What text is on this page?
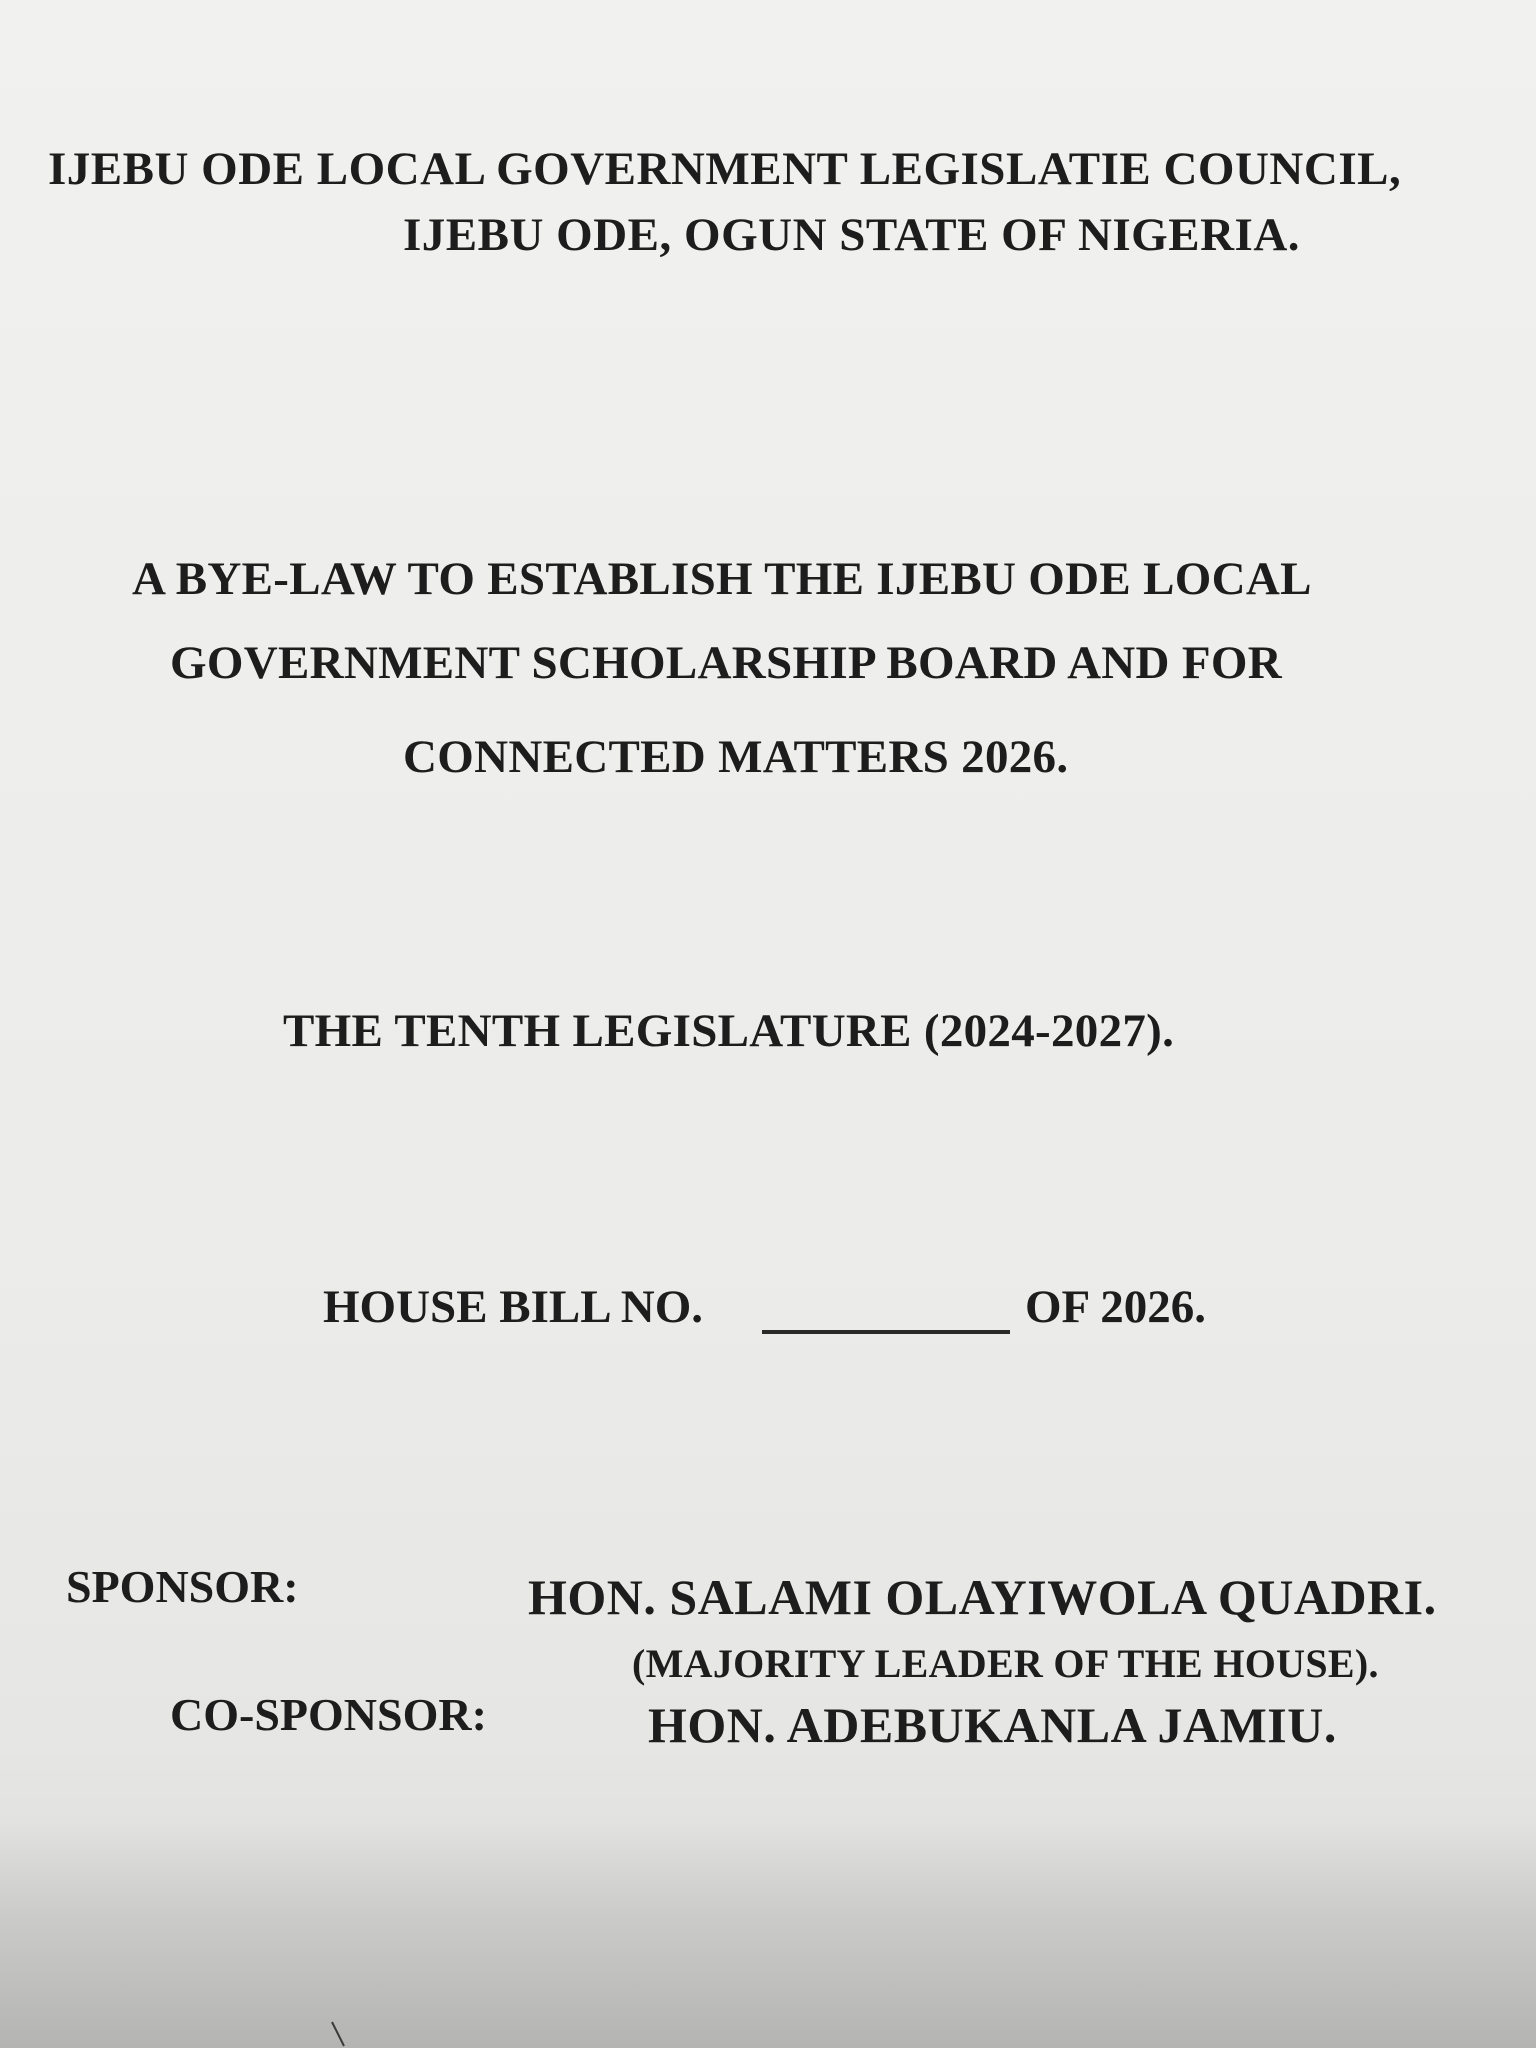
IJEBU ODE LOCAL GOVERNMENT LEGISLATIE COUNCIL,

IJEBU ODE, OGUN STATE OF NIGERIA.

A BYE-LAW TO ESTABLISH THE IJEBU ODE LOCAL

GOVERNMENT SCHOLARSHIP BOARD AND FOR

CONNECTED MATTERS 2026.

THE TENTH LEGISLATURE (2024-2027).

HOUSE BILL NO.	OF 2026.

SPONSOR:	HON. SALAMI OLAYIWOLA QUADRI.

(MAJORITY LEADER OF THE HOUSE).

CO-SPONSOR:	HON. ADEBUKANLA JAMIU.
